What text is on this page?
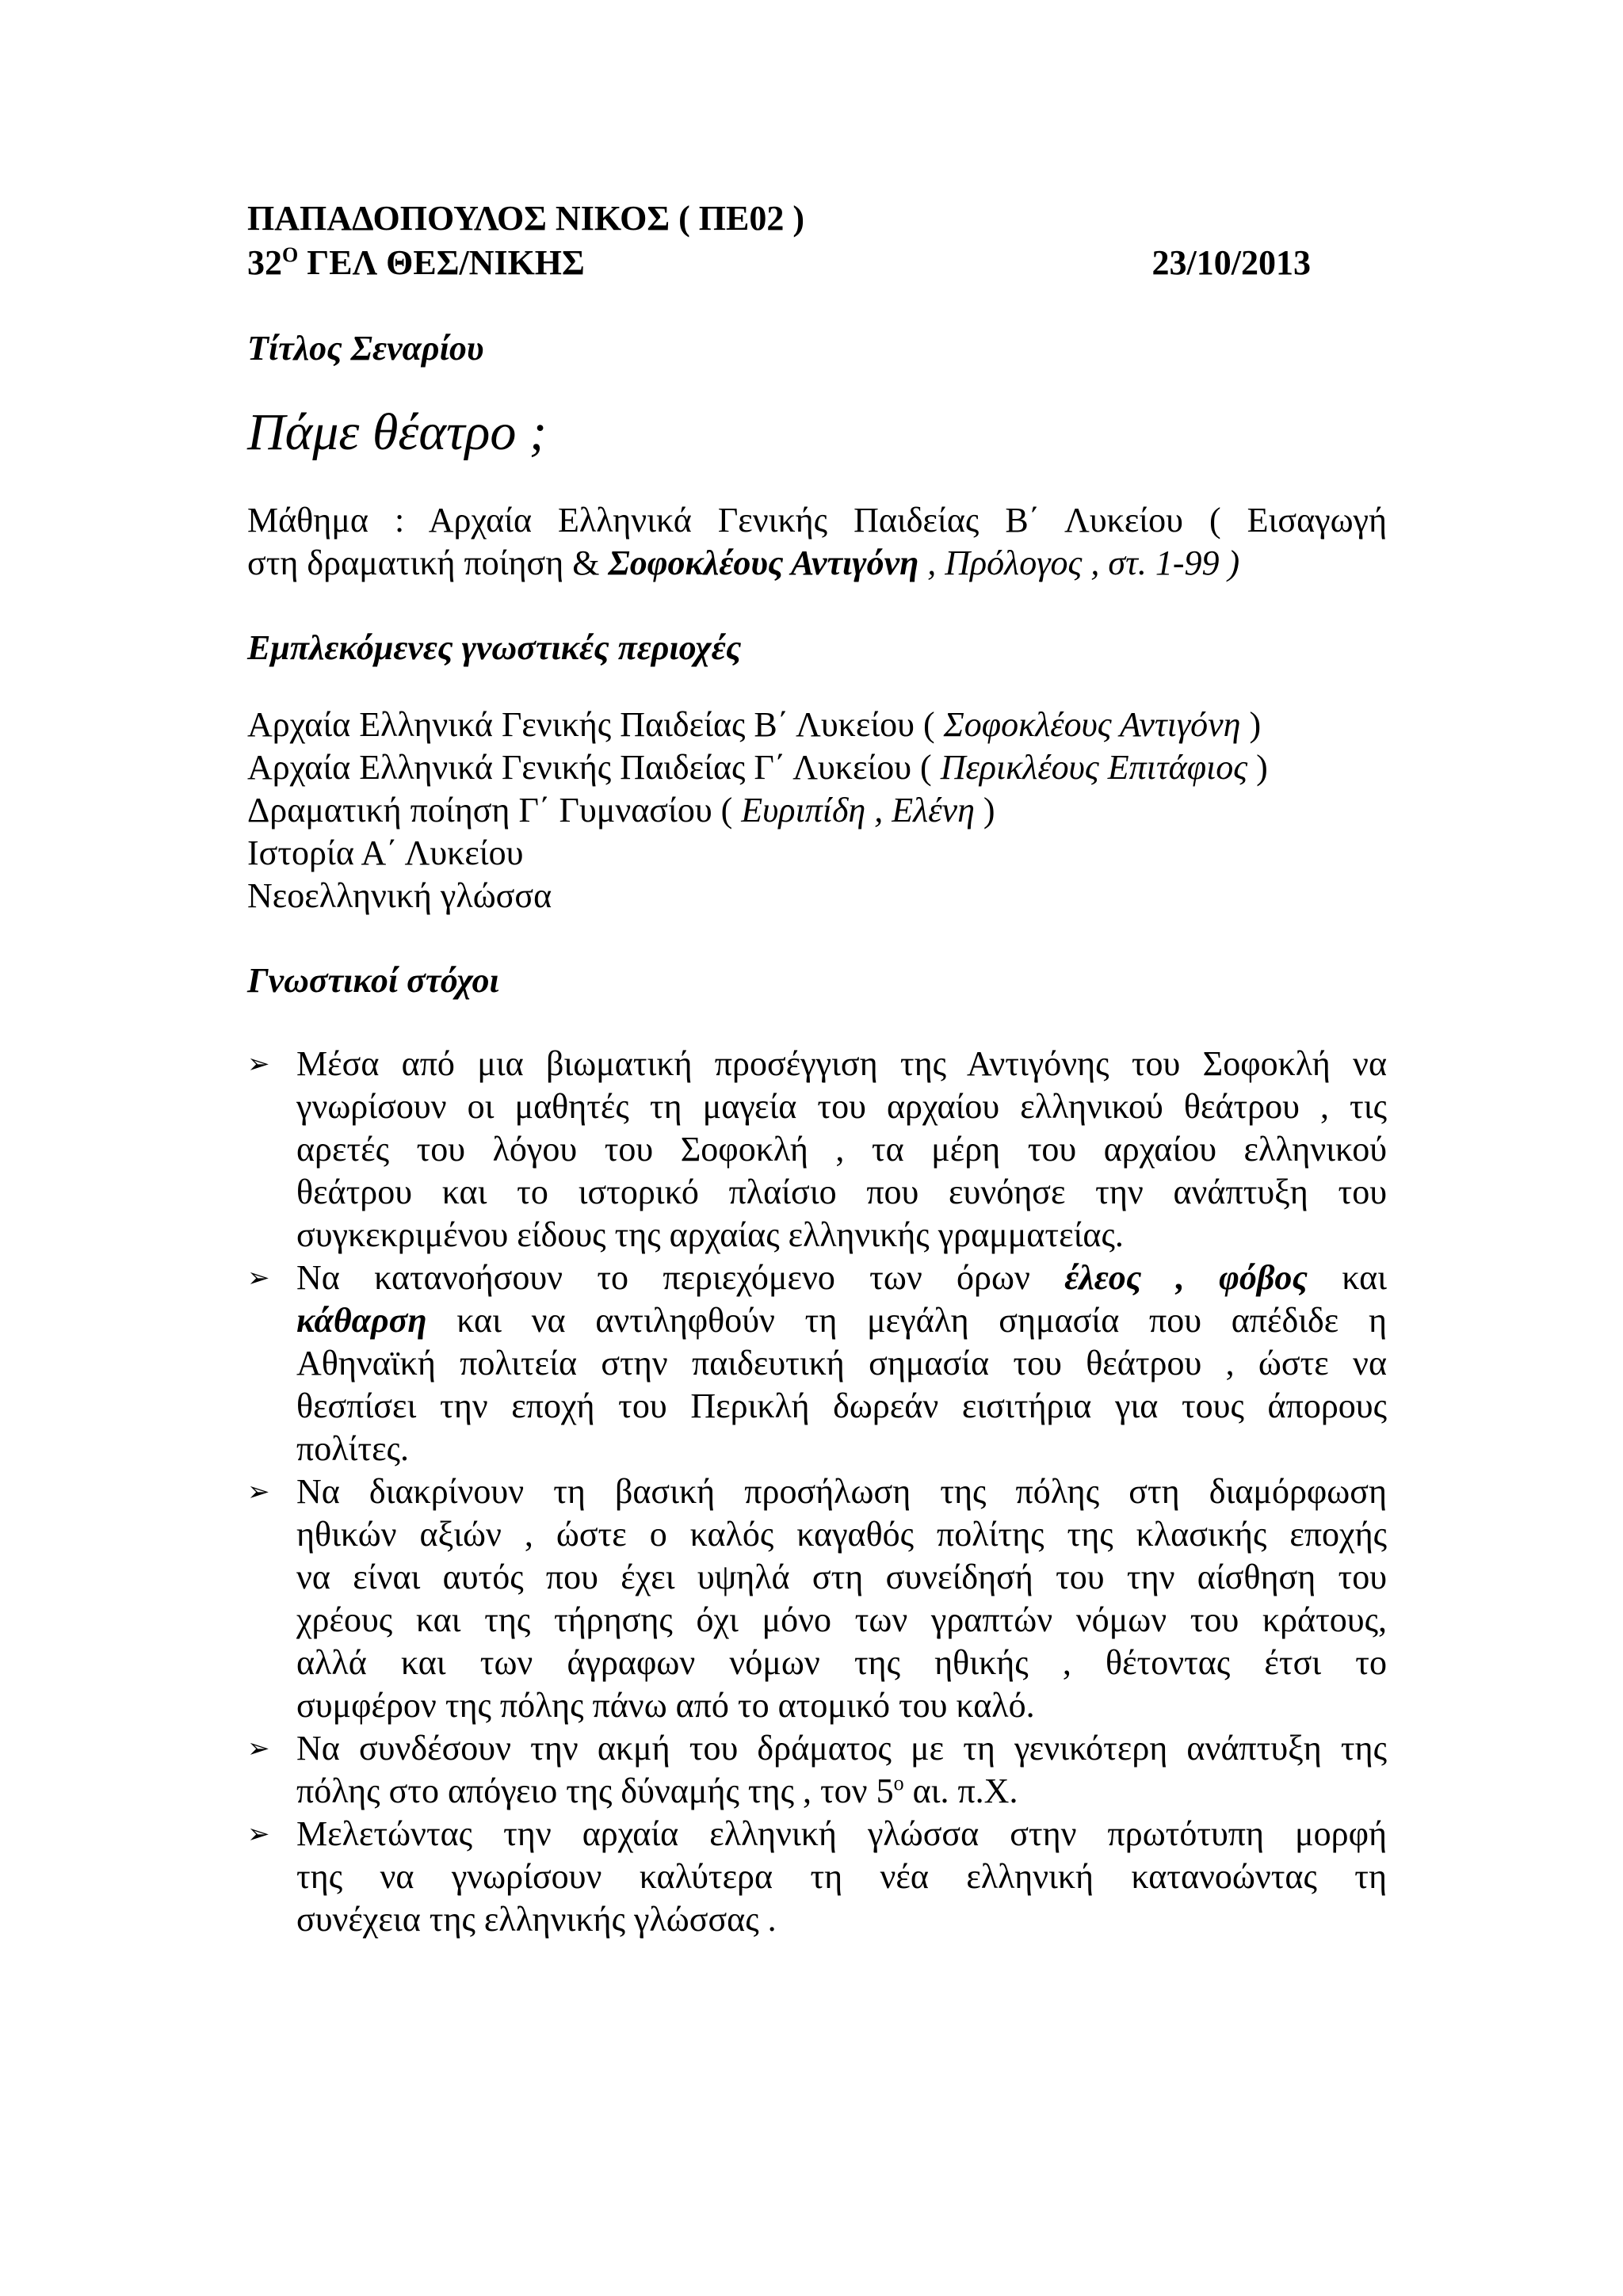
ΠΑΠΑΔΟΠΟΥΛΟΣ ΝΙΚΟΣ ( ΠΕ02 )
$32^O$ ΓΕΛ ΘΕΣ/ΝΙΚΗΣ	23/10/2013
Τίτλος Σεναρίου
Πάμε θέατρο ;
Μάθημα : Αρχαία Ελληνικά Γενικής Παιδείας Β΄ Λυκείου ( Εισαγωγή
στη δραματική ποίηση & Σοφοκλέους Αντιγόνη , Πρόλογος , στ. 1-99 )
Εμπλεκόμενες γνωστικές περιοχές
Αρχαία Ελληνικά Γενικής Παιδείας Β΄ Λυκείου ( Σοφοκλέους Αντιγόνη )
Αρχαία Ελληνικά Γενικής Παιδείας Γ΄ Λυκείου ( Περικλέους Επιτάφιος )
Δραματική ποίηση Γ΄ Γυμνασίου ( Ευριπίδη , Ελένη )
Ιστορία Α΄ Λυκείου
Νεοελληνική γλώσσα
Γνωστικοί στόχοι
➢ Μέσα από μια βιωματική προσέγγιση της Αντιγόνης του Σοφοκλή να
γνωρίσουν οι μαθητές τη μαγεία του αρχαίου ελληνικού θεάτρου , τις
αρετές του λόγου του Σοφοκλή , τα μέρη του αρχαίου ελληνικού
θεάτρου και το ιστορικό πλαίσιο που ευνόησε την ανάπτυξη του
συγκεκριμένου είδους της αρχαίας ελληνικής γραμματείας.
➢ Να κατανοήσουν το περιεχόμενο των όρων έλεος , φόβος και
κάθαρση και να αντιληφθούν τη μεγάλη σημασία που απέδιδε η
Αθηναϊκή πολιτεία στην παιδευτική σημασία του θεάτρου , ώστε να
θεσπίσει την εποχή του Περικλή δωρεάν εισιτήρια για τους άπορους
πολίτες.
➢ Να διακρίνουν τη βασική προσήλωση της πόλης στη διαμόρφωση
ηθικών αξιών , ώστε ο καλός καγαθός πολίτης της κλασικής εποχής
να είναι αυτός που έχει υψηλά στη συνείδησή του την αίσθηση του
χρέους και της τήρησης όχι μόνο των γραπτών νόμων του κράτους,
αλλά και των άγραφων νόμων της ηθικής , θέτοντας έτσι το
συμφέρον της πόλης πάνω από το ατομικό του καλό.
➢ Να συνδέσουν την ακμή του δράματος με τη γενικότερη ανάπτυξη της
πόλης στο απόγειο της δύναμής της , τον $5^o$ αι. π.Χ.
➢ Μελετώντας την αρχαία ελληνική γλώσσα στην πρωτότυπη μορφή
της να γνωρίσουν καλύτερα τη νέα ελληνική κατανοώντας τη
συνέχεια της ελληνικής γλώσσας .
